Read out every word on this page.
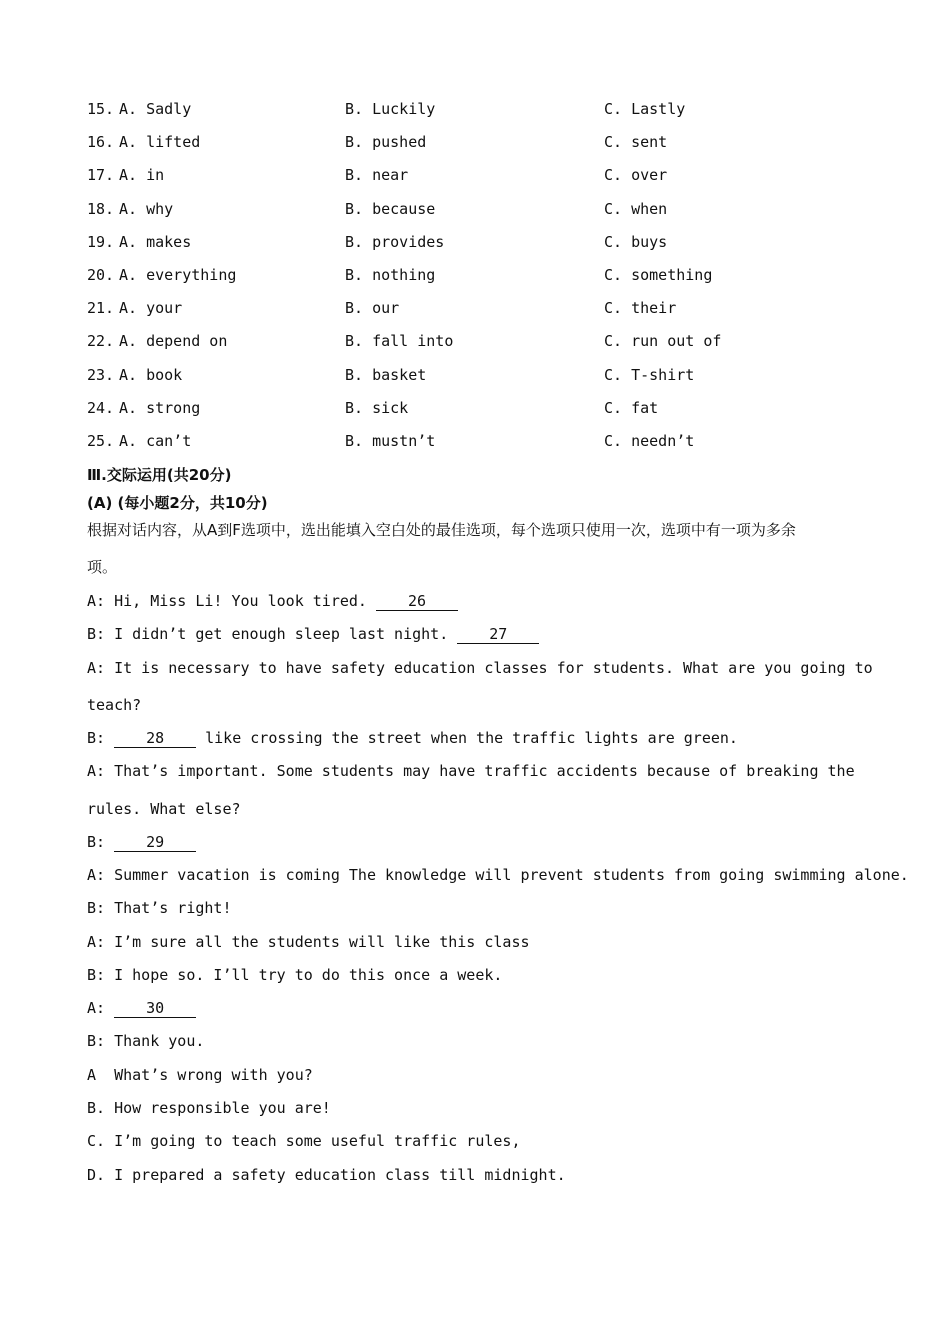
15. A. Sadly	B. Luckily	C. Lastly
16. A. lifted	B. pushed	C. sent
17. A. in	B. near	C. over
18. A. why	B. because	C. when
19. A. makes	B. provides	C. buys
20. A. everything	B. nothing	C. something
21. A. your	B. our	C. their
22. A. depend on	B. fall into	C. run out of
23. A. book	B. basket	C. T-shirt
24. A. strong	B. sick	C. fat
25. A. can’t	B. mustn’t	C. needn’t
Ⅲ.交际运用(共20分)
(A) (每小题2分，共10分)
根据对话内容，从A到F选项中，选出能填入空白处的最佳选项，每个选项只使用一次，选项中有一项为多余
项。
A: Hi, Miss Li! You look tired. 26
B: I didn’t get enough sleep last night. 27
A: It is necessary to have safety education classes for students. What are you going to
teach?
B: 28 like crossing the street when the traffic lights are green.
A: That’s important. Some students may have traffic accidents because of breaking the
rules. What else?
B: 29
A: Summer vacation is coming The knowledge will prevent students from going swimming alone.
B: That’s right!
A: I’m sure all the students will like this class
B: I hope so. I’ll try to do this once a week.
A: 30
B: Thank you.
A  What’s wrong with you?
B. How responsible you are!
C. I’m going to teach some useful traffic rules,
D. I prepared a safety education class till midnight.
